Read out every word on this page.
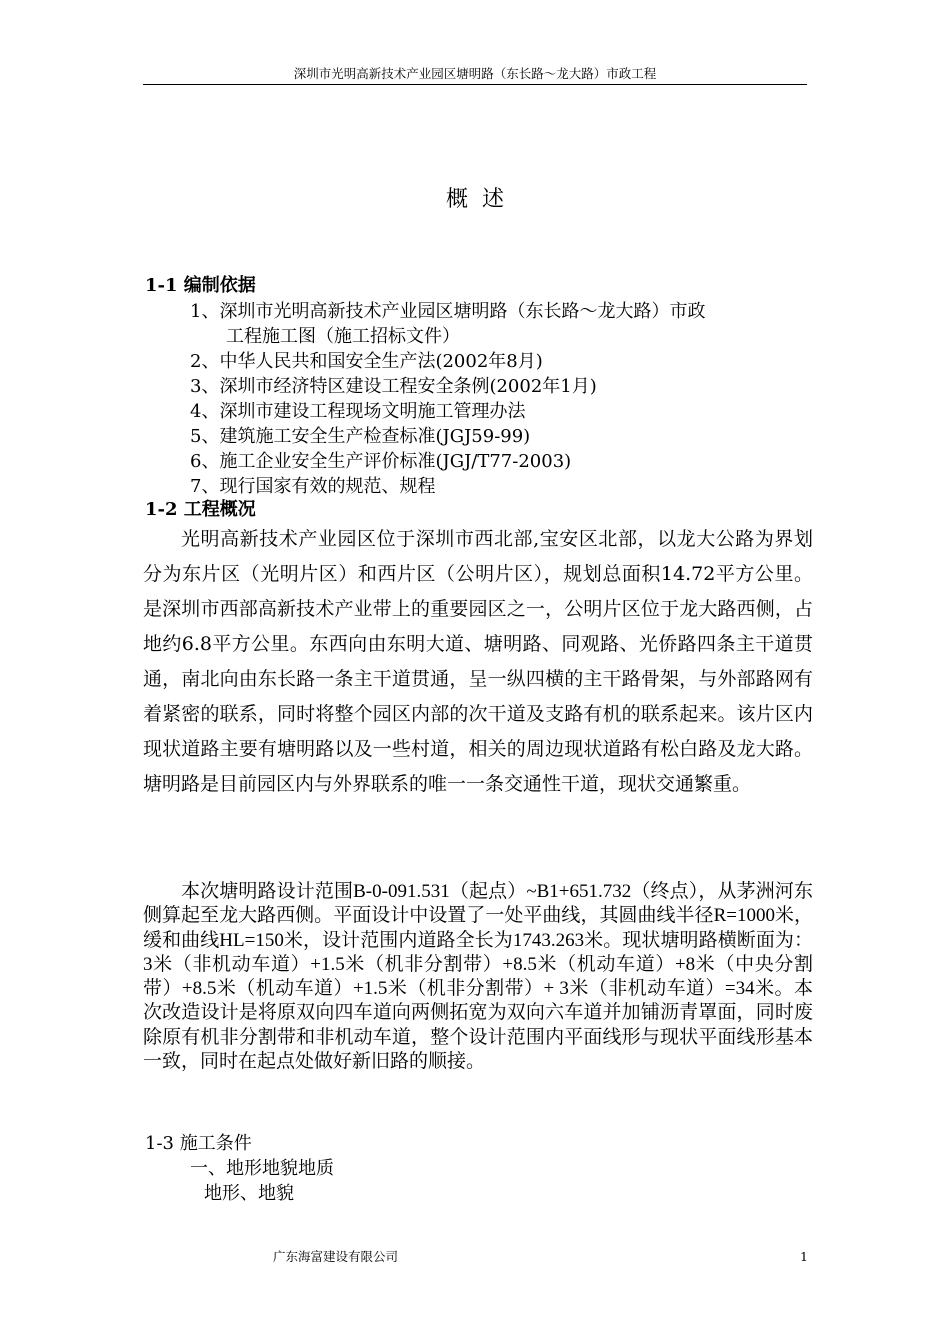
深圳市光明高新技术产业园区塘明路（东长路～龙大路）市政工程
概述
1-1 编制依据
1、深圳市光明高新技术产业园区塘明路（东长路～龙大路）市政
工程施工图（施工招标文件）
2、中华人民共和国安全生产法(2002年8月)
3、深圳市经济特区建设工程安全条例(2002年1月)
4、深圳市建设工程现场文明施工管理办法
5、建筑施工安全生产检查标准(JGJ59-99)
6、施工企业安全生产评价标准(JGJ/T77-2003)
7、现行国家有效的规范、规程
1-2 工程概况
光明高新技术产业园区位于深圳市西北部,宝安区北部，以龙大公路为界划分为东片区（光明片区）和西片区（公明片区），规划总面积14.72平方公里。是深圳市西部高新技术产业带上的重要园区之一，公明片区位于龙大路西侧，占地约6.8平方公里。东西向由东明大道、塘明路、同观路、光侨路四条主干道贯通，南北向由东长路一条主干道贯通，呈一纵四横的主干路骨架，与外部路网有着紧密的联系，同时将整个园区内部的次干道及支路有机的联系起来。该片区内现状道路主要有塘明路以及一些村道，相关的周边现状道路有松白路及龙大路。塘明路是目前园区内与外界联系的唯一一条交通性干道，现状交通繁重。
本次塘明路设计范围B-0-091.531（起点）~B1+651.732（终点），从茅洲河东侧算起至龙大路西侧。平面设计中设置了一处平曲线，其圆曲线半径R=1000米，缓和曲线HL=150米，设计范围内道路全长为1743.263米。现状塘明路横断面为：3米（非机动车道）+1.5米（机非分割带）+8.5米（机动车道）+8米（中央分割带）+8.5米（机动车道）+1.5米（机非分割带）+ 3米（非机动车道）=34米。本次改造设计是将原双向四车道向两侧拓宽为双向六车道并加铺沥青罩面，同时废除原有机非分割带和非机动车道，整个设计范围内平面线形与现状平面线形基本一致，同时在起点处做好新旧路的顺接。
1-3 施工条件
一、地形地貌地质
地形、地貌
广东海富建设有限公司	1
